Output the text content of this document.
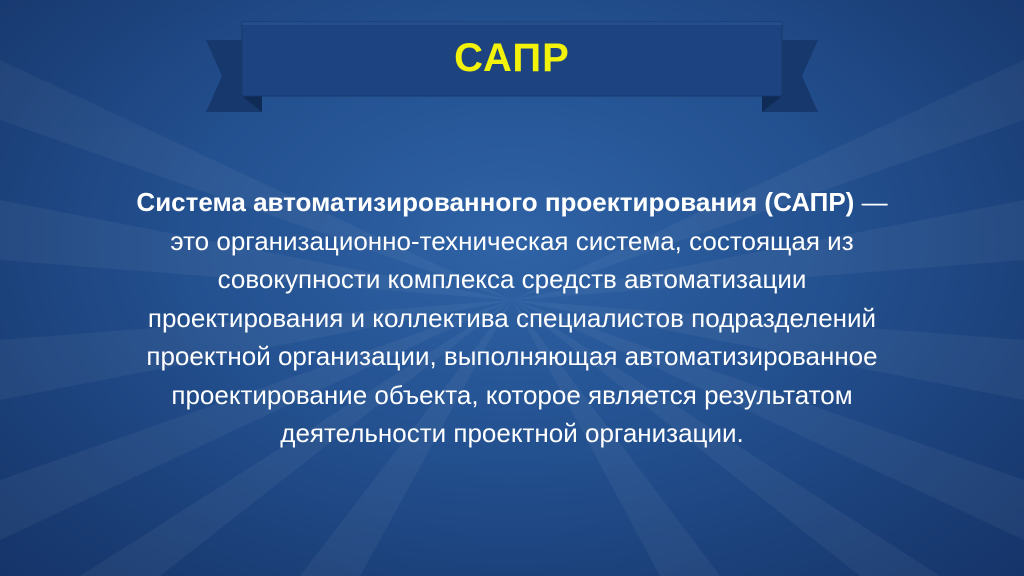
САПР
Система автоматизированного проектирования (САПР) —
это организационно-техническая система, состоящая из
совокупности комплекса средств автоматизации
проектирования и коллектива специалистов подразделений
проектной организации, выполняющая автоматизированное
проектирование объекта, которое является результатом
деятельности проектной организации.
